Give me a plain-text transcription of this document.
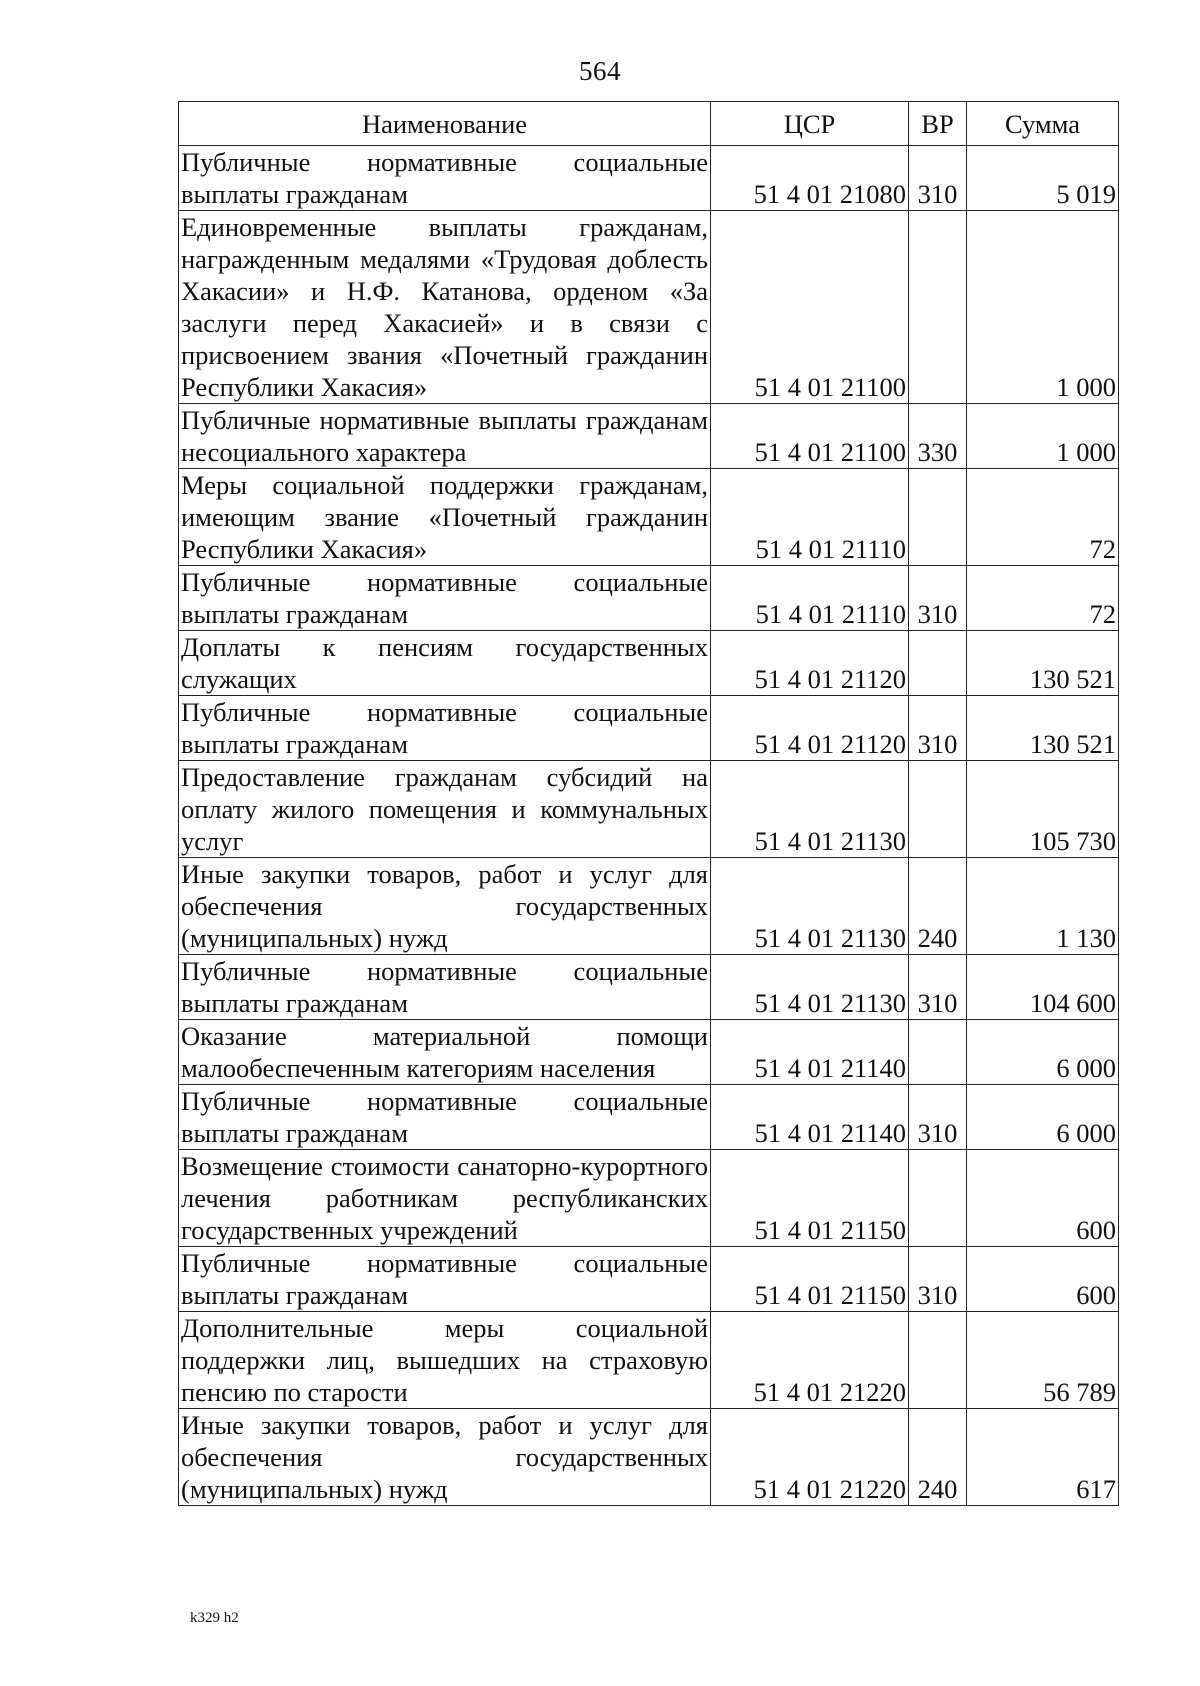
564
Наименование	ЦСР	ВР	Сумма
Публичные нормативные социальные выплаты гражданам	51 4 01 21080	310	5 019
Единовременные выплаты гражданам, награжденным медалями «Трудовая доблесть Хакасии» и Н.Ф. Катанова, орденом «За заслуги перед Хакасией» и в связи с присвоением звания «Почетный гражданин Республики Хакасия»	51 4 01 21100		1 000
Публичные нормативные выплаты гражданам несоциального характера	51 4 01 21100	330	1 000
Меры социальной поддержки гражданам, имеющим звание «Почетный гражданин Республики Хакасия»	51 4 01 21110		72
Публичные нормативные социальные выплаты гражданам	51 4 01 21110	310	72
Доплаты к пенсиям государственных служащих	51 4 01 21120		130 521
Публичные нормативные социальные выплаты гражданам	51 4 01 21120	310	130 521
Предоставление гражданам субсидий на оплату жилого помещения и коммунальных услуг	51 4 01 21130		105 730
Иные закупки товаров, работ и услуг для обеспечения государственных (муниципальных) нужд	51 4 01 21130	240	1 130
Публичные нормативные социальные выплаты гражданам	51 4 01 21130	310	104 600
Оказание материальной помощи малообеспеченным категориям населения	51 4 01 21140		6 000
Публичные нормативные социальные выплаты гражданам	51 4 01 21140	310	6 000
Возмещение стоимости санаторно-курортного лечения работникам республиканских государственных учреждений	51 4 01 21150		600
Публичные нормативные социальные выплаты гражданам	51 4 01 21150	310	600
Дополнительные меры социальной поддержки лиц, вышедших на страховую пенсию по старости	51 4 01 21220		56 789
Иные закупки товаров, работ и услуг для обеспечения государственных (муниципальных) нужд	51 4 01 21220	240	617
k329 h2
